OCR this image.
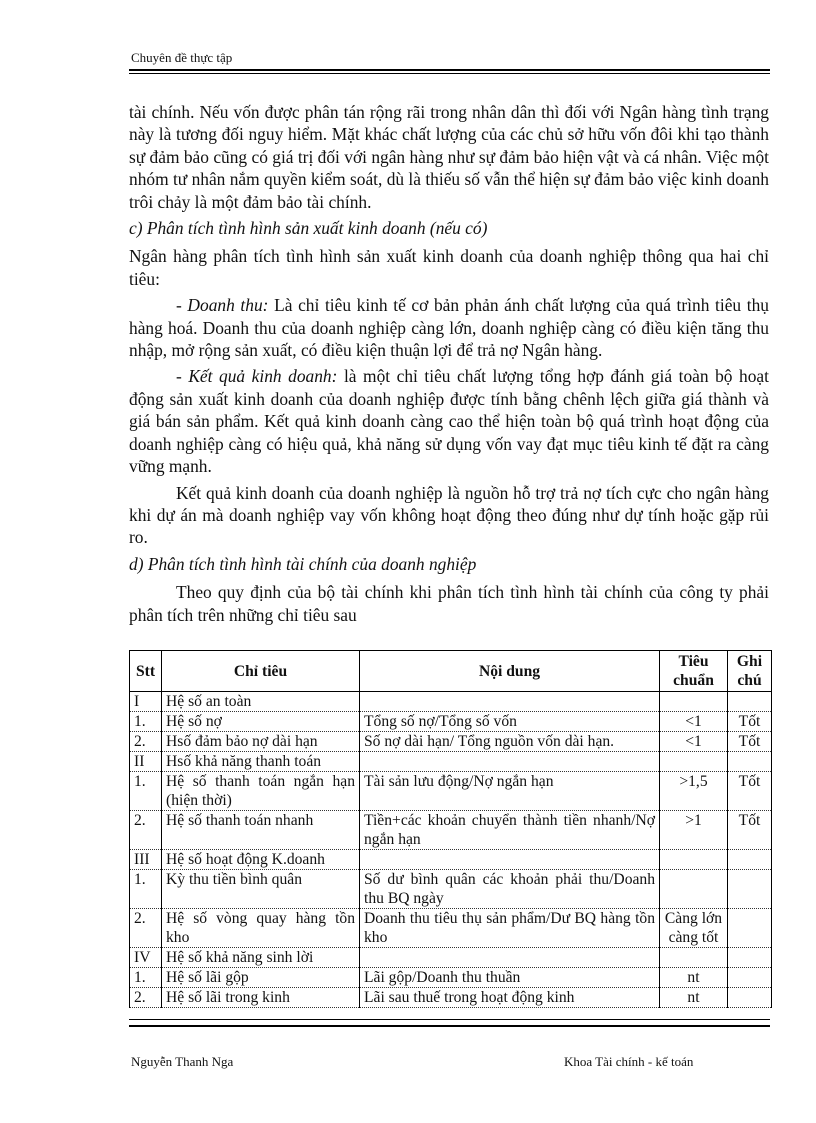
Chuyên đề thực tập

tài chính. Nếu vốn được phân tán rộng rãi trong nhân dân thì đối với Ngân hàng tình trạng này là tương đối nguy hiểm. Mặt khác chất lượng của các chủ sở hữu vốn đôi khi tạo thành sự đảm bảo cũng có giá trị đối với ngân hàng như sự đảm bảo hiện vật và cá nhân. Việc một nhóm tư nhân nắm quyền kiểm soát, dù là thiếu số vẫn thể hiện sự đảm bảo việc kinh doanh trôi chảy là một đảm bảo tài chính.

c) Phân tích tình hình sản xuất kinh doanh (nếu có)

Ngân hàng phân tích tình hình sản xuất kinh doanh của doanh nghiệp thông qua hai chỉ tiêu:

- Doanh thu: Là chỉ tiêu kinh tế cơ bản phản ánh chất lượng của quá trình tiêu thụ hàng hoá. Doanh thu của doanh nghiệp càng lớn, doanh nghiệp càng có điều kiện tăng thu nhập, mở rộng sản xuất, có điều kiện thuận lợi để trả nợ Ngân hàng.

- Kết quả kinh doanh: là một chỉ tiêu chất lượng tổng hợp đánh giá toàn bộ hoạt động sản xuất kinh doanh của doanh nghiệp được tính bằng chênh lệch giữa giá thành và giá bán sản phẩm. Kết quả kinh doanh càng cao thể hiện toàn bộ quá trình hoạt động của doanh nghiệp càng có hiệu quả, khả năng sử dụng vốn vay đạt mục tiêu kinh tế đặt ra càng vững mạnh.

Kết quả kinh doanh của doanh nghiệp là nguồn hỗ trợ trả nợ tích cực cho ngân hàng khi dự án mà doanh nghiệp vay vốn không hoạt động theo đúng như dự tính hoặc gặp rủi ro.

d) Phân tích tình hình tài chính của doanh nghiệp

Theo quy định của bộ tài chính khi phân tích tình hình tài chính của công ty phải phân tích trên những chỉ tiêu sau

Stt	Chỉ tiêu	Nội dung	Tiêu chuẩn	Ghi chú
I	Hệ số an toàn			
1.	Hệ số nợ	Tổng số nợ/Tổng số vốn	<1	Tốt
2.	Hsố đảm bảo nợ dài hạn	Số nợ dài hạn/ Tổng nguồn vốn dài hạn.	<1	Tốt
II	Hsố khả năng thanh toán			
1.	Hệ số thanh toán ngắn hạn (hiện thời)	Tài sản lưu động/Nợ ngắn hạn	>1,5	Tốt
2.	Hệ số thanh toán nhanh	Tiền+các khoản chuyển thành tiền nhanh/Nợ ngắn hạn	>1	Tốt
III	Hệ số hoạt động K.doanh			
1.	Kỳ thu tiền bình quân	Số dư bình quân các khoản phải thu/Doanh thu BQ ngày		
2.	Hệ số vòng quay hàng tồn kho	Doanh thu tiêu thụ sản phẩm/Dư BQ hàng tồn kho	Càng lớn càng tốt	
IV	Hệ số khả năng sinh lời			
1.	Hệ số lãi gộp	Lãi gộp/Doanh thu thuần	nt	
2.	Hệ số lãi trong kinh	Lãi sau thuế trong hoạt động kinh	nt	
Nguyễn Thanh Nga	Khoa Tài chính - kế toán
